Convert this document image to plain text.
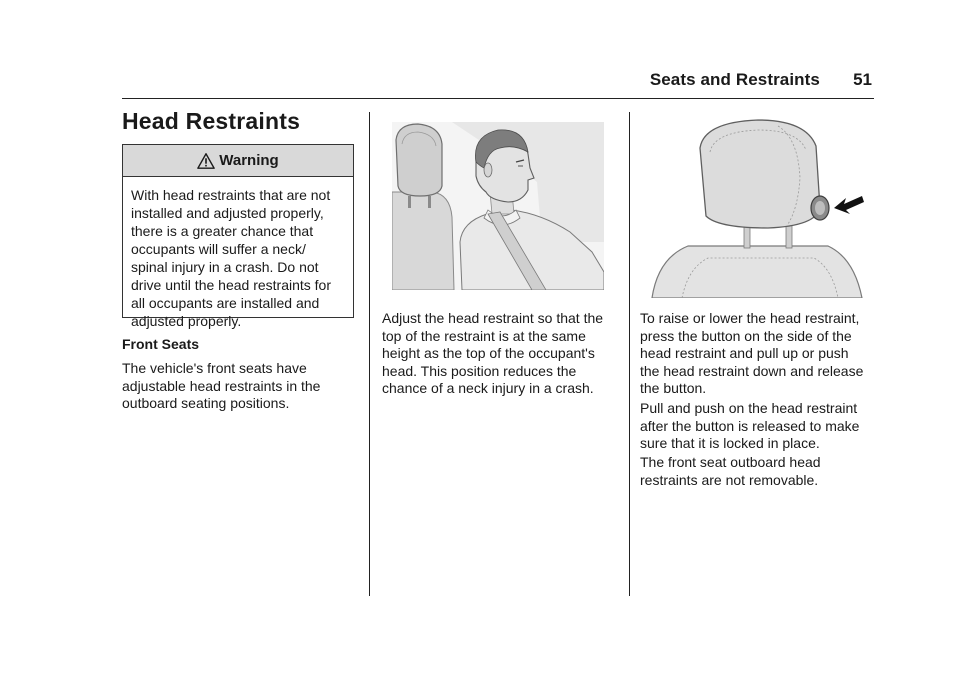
Seats and Restraints 51
Head Restraints
Warning
With head restraints that are not
installed and adjusted properly,
there is a greater chance that
occupants will suffer a neck/
spinal injury in a crash. Do not
drive until the head restraints for
all occupants are installed and
adjusted properly.
Front Seats
The vehicle's front seats have
adjustable head restraints in the
outboard seating positions.
Adjust the head restraint so that the
top of the restraint is at the same
height as the top of the occupant's
head. This position reduces the
chance of a neck injury in a crash.
To raise or lower the head restraint,
press the button on the side of the
head restraint and pull up or push
the head restraint down and release
the button.
Pull and push on the head restraint
after the button is released to make
sure that it is locked in place.
The front seat outboard head
restraints are not removable.
